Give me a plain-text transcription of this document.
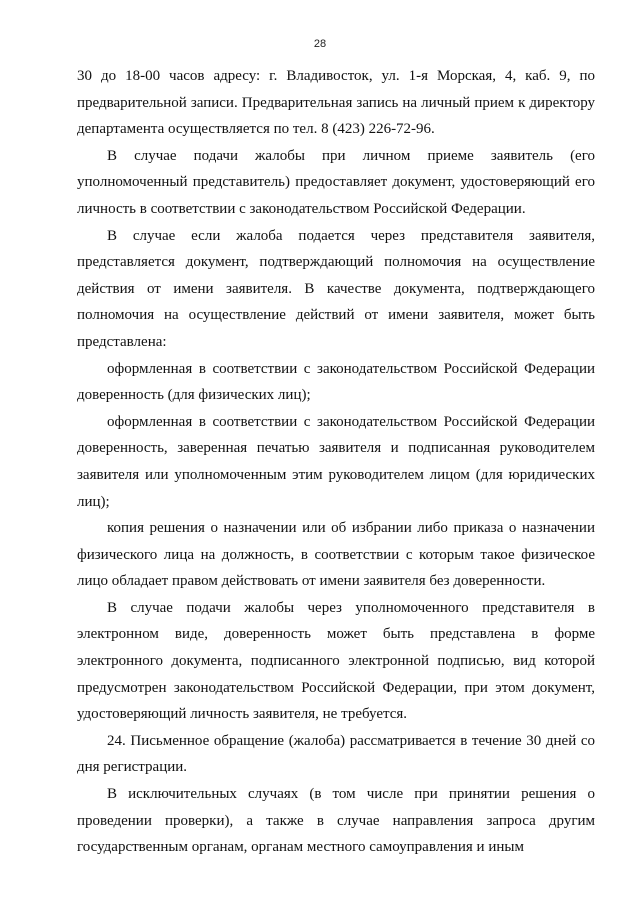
28

30 до 18-00 часов адресу: г. Владивосток, ул. 1-я Морская, 4, каб. 9, по предварительной записи. Предварительная запись на личный прием к директору департамента осуществляется по тел. 8 (423) 226-72-96.

В случае подачи жалобы при личном приеме заявитель (его уполномоченный представитель) предоставляет документ, удостоверяющий его личность в соответствии с законодательством Российской Федерации.

В случае если жалоба подается через представителя заявителя, представляется документ, подтверждающий полномочия на осуществление действия от имени заявителя. В качестве документа, подтверждающего полномочия на осуществление действий от имени заявителя, может быть представлена:

оформленная в соответствии с законодательством Российской Федерации доверенность (для физических лиц);

оформленная в соответствии с законодательством Российской Федерации доверенность, заверенная печатью заявителя и подписанная руководителем заявителя или уполномоченным этим руководителем лицом (для юридических лиц);

копия решения о назначении или об избрании либо приказа о назначении физического лица на должность, в соответствии с которым такое физическое лицо обладает правом действовать от имени заявителя без доверенности.

В случае подачи жалобы через уполномоченного представителя в электронном виде, доверенность может быть представлена в форме электронного документа, подписанного электронной подписью, вид которой предусмотрен законодательством Российской Федерации, при этом документ, удостоверяющий личность заявителя, не требуется.

24. Письменное обращение (жалоба) рассматривается в течение 30 дней со дня регистрации.

В исключительных случаях (в том числе при принятии решения о проведении проверки), а также в случае направления запроса другим государственным органам, органам местного самоуправления и иным
